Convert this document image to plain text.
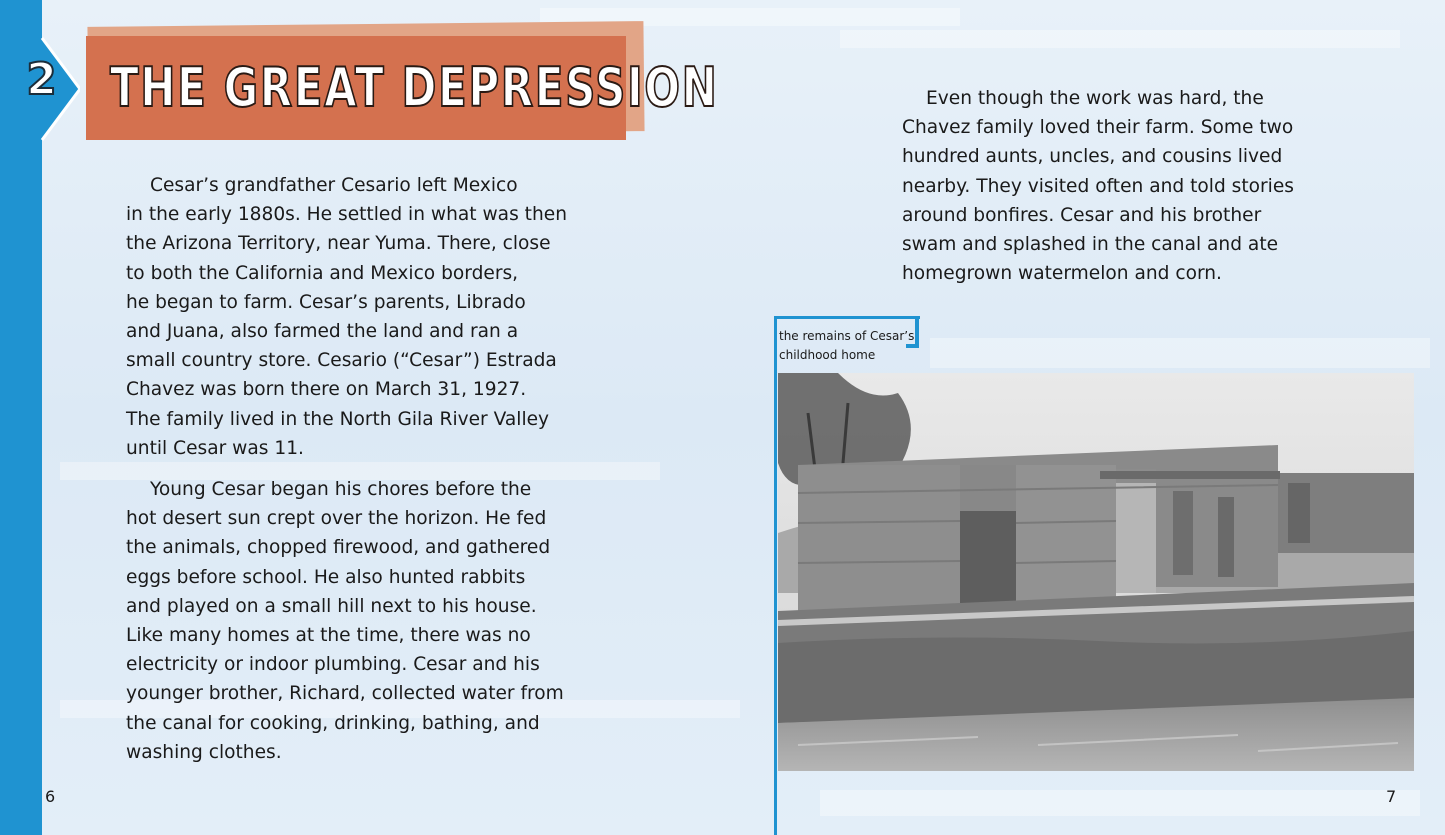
2 THE GREAT DEPRESSION
Cesar’s grandfather Cesario left Mexico
in the early 1880s. He settled in what was then
the Arizona Territory, near Yuma. There, close
to both the California and Mexico borders,
he began to farm. Cesar’s parents, Librado
and Juana, also farmed the land and ran a
small country store. Cesario (“Cesar”) Estrada
Chavez was born there on March 31, 1927.
The family lived in the North Gila River Valley
until Cesar was 11.
Young Cesar began his chores before the
hot desert sun crept over the horizon. He fed
the animals, chopped firewood, and gathered
eggs before school. He also hunted rabbits
and played on a small hill next to his house.
Like many homes at the time, there was no
electricity or indoor plumbing. Cesar and his
younger brother, Richard, collected water from
the canal for cooking, drinking, bathing, and
washing clothes.
6
Even though the work was hard, the
Chavez family loved their farm. Some two
hundred aunts, uncles, and cousins lived
nearby. They visited often and told stories
around bonfires. Cesar and his brother
swam and splashed in the canal and ate
homegrown watermelon and corn.
the remains of Cesar’s
childhood home
7
